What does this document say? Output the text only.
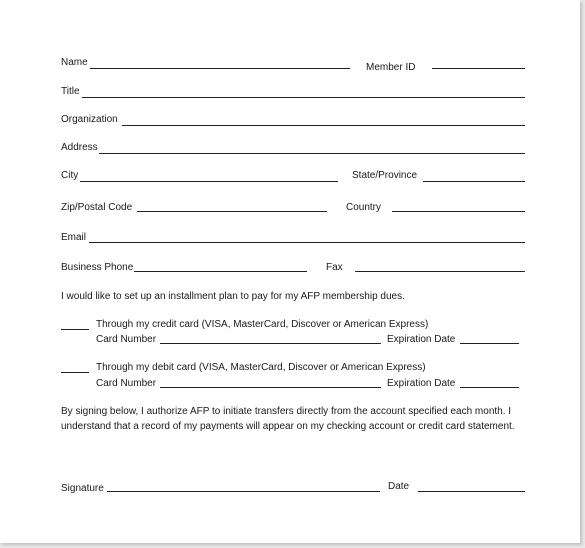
Name	Member ID
Title
Organization
Address
City	State/Province
Zip/Postal Code	Country
Email
Business Phone	Fax
I would like to set up an installment plan to pay for my AFP membership dues.
Through my credit card (VISA, MasterCard, Discover or American Express)
Card Number	Expiration Date
Through my debit card (VISA, MasterCard, Discover or American Express)
Card Number	Expiration Date
By signing below, I authorize AFP to initiate transfers directly from the account specified each month. I
understand that a record of my payments will appear on my checking account or credit card statement.
Signature	Date
